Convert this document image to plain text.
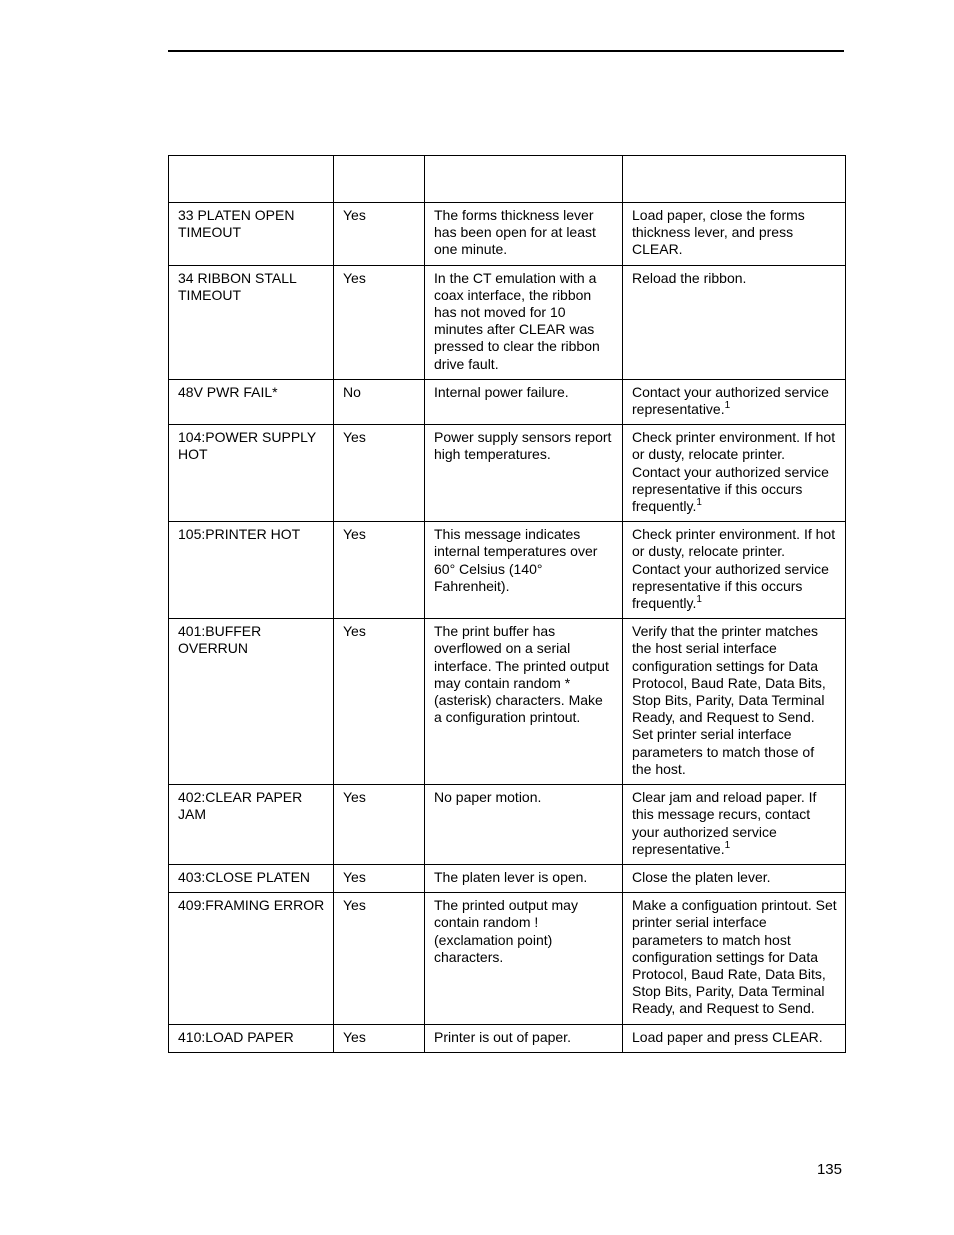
33 PLATEN OPEN TIMEOUT	Yes	The forms thickness lever has been open for at least one minute.	Load paper, close the forms thickness lever, and press CLEAR.
34 RIBBON STALL TIMEOUT	Yes	In the CT emulation with a coax interface, the ribbon has not moved for 10 minutes after CLEAR was pressed to clear the ribbon drive fault.	Reload the ribbon.
48V PWR FAIL*	No	Internal power failure.	Contact your authorized service representative.$^1$
104:POWER SUPPLY HOT	Yes	Power supply sensors report high temperatures.	Check printer environment. If hot or dusty, relocate printer. Contact your authorized service representative if this occurs frequently.$^1$
105:PRINTER HOT	Yes	This message indicates internal temperatures over 60° Celsius (140° Fahrenheit).	Check printer environment. If hot or dusty, relocate printer. Contact your authorized service representative if this occurs frequently.$^1$
401:BUFFER OVERRUN	Yes	The print buffer has overflowed on a serial interface. The printed output may contain random * (asterisk) characters. Make a configuration printout.	Verify that the printer matches the host serial interface configuration settings for Data Protocol, Baud Rate, Data Bits, Stop Bits, Parity, Data Terminal Ready, and Request to Send. Set printer serial interface parameters to match those of the host.
402:CLEAR PAPER JAM	Yes	No paper motion.	Clear jam and reload paper. If this message recurs, contact your authorized service representative.$^1$
403:CLOSE PLATEN	Yes	The platen lever is open.	Close the platen lever.
409:FRAMING ERROR	Yes	The printed output may contain random ! (exclamation point) characters.	Make a configuation printout. Set printer serial interface parameters to match host configuration settings for Data Protocol, Baud Rate, Data Bits, Stop Bits, Parity, Data Terminal Ready, and Request to Send.
410:LOAD PAPER	Yes	Printer is out of paper.	Load paper and press CLEAR.
135
